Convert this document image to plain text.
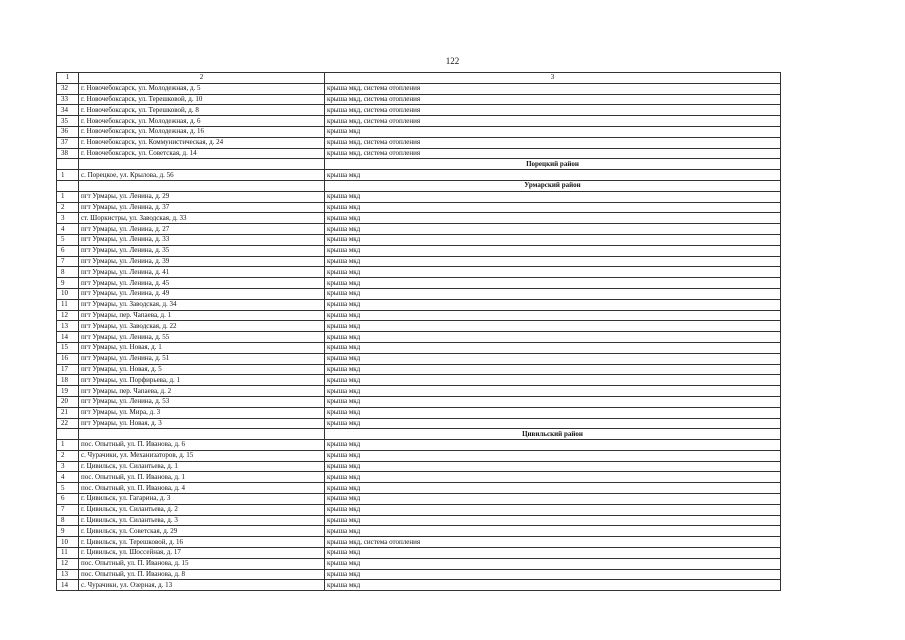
122
1	2	3
32	г. Новочебоксарск, ул. Молодежная, д. 5	крыша мкд, система отопления
33	г. Новочебоксарск, ул. Терешковой, д. 10	крыша мкд, система отопления
34	г. Новочебоксарск, ул. Терешковой, д. 8	крыша мкд, система отопления
35	г. Новочебоксарск, ул. Молодежная, д. 6	крыша мкд, система отопления
36	г. Новочебоксарск, ул. Молодежная, д. 16	крыша мкд
37	г. Новочебоксарск, ул. Коммунистическая, д. 24	крыша мкд, система отопления
38	г. Новочебоксарск, ул. Советская, д. 14	крыша мкд, система отопления
		Порецкий район
1	с. Порецкое, ул. Крылова, д. 56	крыша мкд
		Урмарский район
1	пгт Урмары, ул. Ленина, д. 29	крыша мкд
2	пгт Урмары, ул. Ленина, д. 37	крыша мкд
3	ст. Шоркистры, ул. Заводская, д. 33	крыша мкд
4	пгт Урмары, ул. Ленина, д. 27	крыша мкд
5	пгт Урмары, ул. Ленина, д. 33	крыша мкд
6	пгт Урмары, ул. Ленина, д. 35	крыша мкд
7	пгт Урмары, ул. Ленина, д. 39	крыша мкд
8	пгт Урмары, ул. Ленина, д. 41	крыша мкд
9	пгт Урмары, ул. Ленина, д. 45	крыша мкд
10	пгт Урмары, ул. Ленина, д. 49	крыша мкд
11	пгт Урмары, ул. Заводская, д. 34	крыша мкд
12	пгт Урмары, пер. Чапаева, д. 1	крыша мкд
13	пгт Урмары, ул. Заводская, д. 22	крыша мкд
14	пгт Урмары, ул. Ленина, д. 55	крыша мкд
15	пгт Урмары, ул. Новая, д. 1	крыша мкд
16	пгт Урмары, ул. Ленина, д. 51	крыша мкд
17	пгт Урмары, ул. Новая, д. 5	крыша мкд
18	пгт Урмары, ул. Порфирьева, д. 1	крыша мкд
19	пгт Урмары, пер. Чапаева, д. 2	крыша мкд
20	пгт Урмары, ул. Ленина, д. 53	крыша мкд
21	пгт Урмары, ул. Мира, д. 3	крыша мкд
22	пгт Урмары, ул. Новая, д. 3	крыша мкд
		Цивильский район
1	пос. Опытный, ул. П. Иванова, д. 6	крыша мкд
2	с. Чурачики, ул. Механизаторов, д. 15	крыша мкд
3	г. Цивильск, ул. Силантьева, д. 1	крыша мкд
4	пос. Опытный, ул. П. Иванова, д. 1	крыша мкд
5	пос. Опытный, ул. П. Иванова, д. 4	крыша мкд
6	г. Цивильск, ул. Гагарина, д. 3	крыша мкд
7	г. Цивильск, ул. Силантьева, д. 2	крыша мкд
8	г. Цивильск, ул. Силантьева, д. 3	крыша мкд
9	г. Цивильск, ул. Советская, д. 29	крыша мкд
10	г. Цивильск, ул. Терешковой, д. 16	крыша мкд, система отопления
11	г. Цивильск, ул. Шоссейная, д. 17	крыша мкд
12	пос. Опытный, ул. П. Иванова, д. 15	крыша мкд
13	пос. Опытный, ул. П. Иванова, д. 8	крыша мкд
14	с. Чурачики, ул. Озерная, д. 13	крыша мкд
